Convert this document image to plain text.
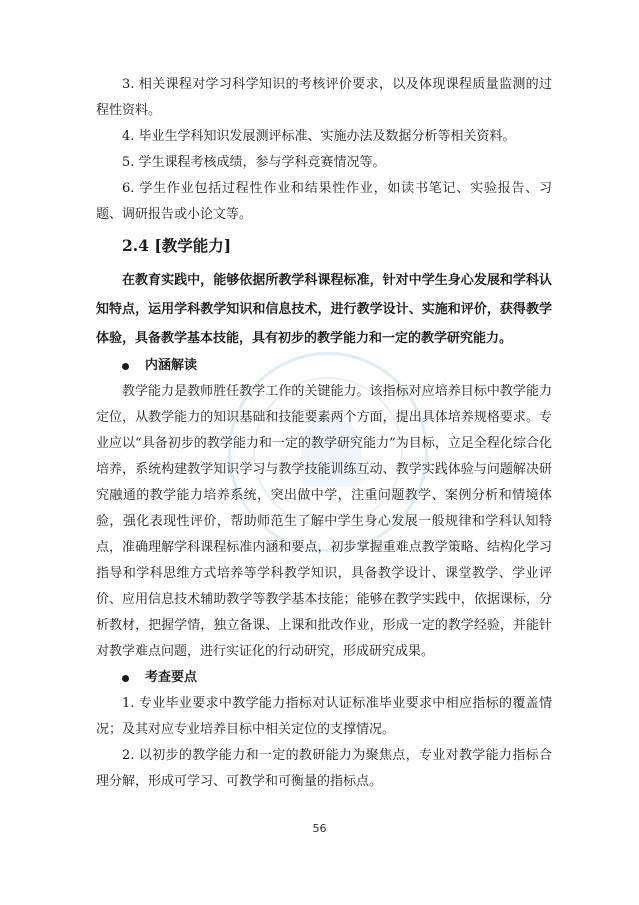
3. 相关课程对学习科学知识的考核评价要求，以及体现课程质量监测的过程性资料。

4. 毕业生学科知识发展测评标准、实施办法及数据分析等相关资料。

5. 学生课程考核成绩，参与学科竞赛情况等。

6. 学生作业包括过程性作业和结果性作业，如读书笔记、实验报告、习题、调研报告或小论文等。

2.4 [教学能力]

在教育实践中，能够依据所教学科课程标准，针对中学生身心发展和学科认知特点，运用学科教学知识和信息技术，进行教学设计、实施和评价，获得教学体验，具备教学基本技能，具有初步的教学能力和一定的教学研究能力。

内涵解读

教学能力是教师胜任教学工作的关键能力。该指标对应培养目标中教学能力定位，从教学能力的知识基础和技能要素两个方面，提出具体培养规格要求。专业应以“具备初步的教学能力和一定的教学研究能力”为目标，立足全程化综合化培养，系统构建教学知识学习与教学技能训练互动、教学实践体验与问题解决研究融通的教学能力培养系统，突出做中学，注重问题教学、案例分析和情境体验，强化表现性评价，帮助师范生了解中学生身心发展一般规律和学科认知特点，准确理解学科课程标准内涵和要点，初步掌握重难点教学策略、结构化学习指导和学科思维方式培养等学科教学知识，具备教学设计、课堂教学、学业评价、应用信息技术辅助教学等教学基本技能；能够在教学实践中，依据课标，分析教材，把握学情，独立备课、上课和批改作业，形成一定的教学经验，并能针对教学难点问题，进行实证化的行动研究，形成研究成果。

考查要点

1. 专业毕业要求中教学能力指标对认证标准毕业要求中相应指标的覆盖情况；及其对应专业培养目标中相关定位的支撑情况。

2. 以初步的教学能力和一定的教研能力为聚焦点，专业对教学能力指标合理分解，形成可学习、可教学和可衡量的指标点。

56
